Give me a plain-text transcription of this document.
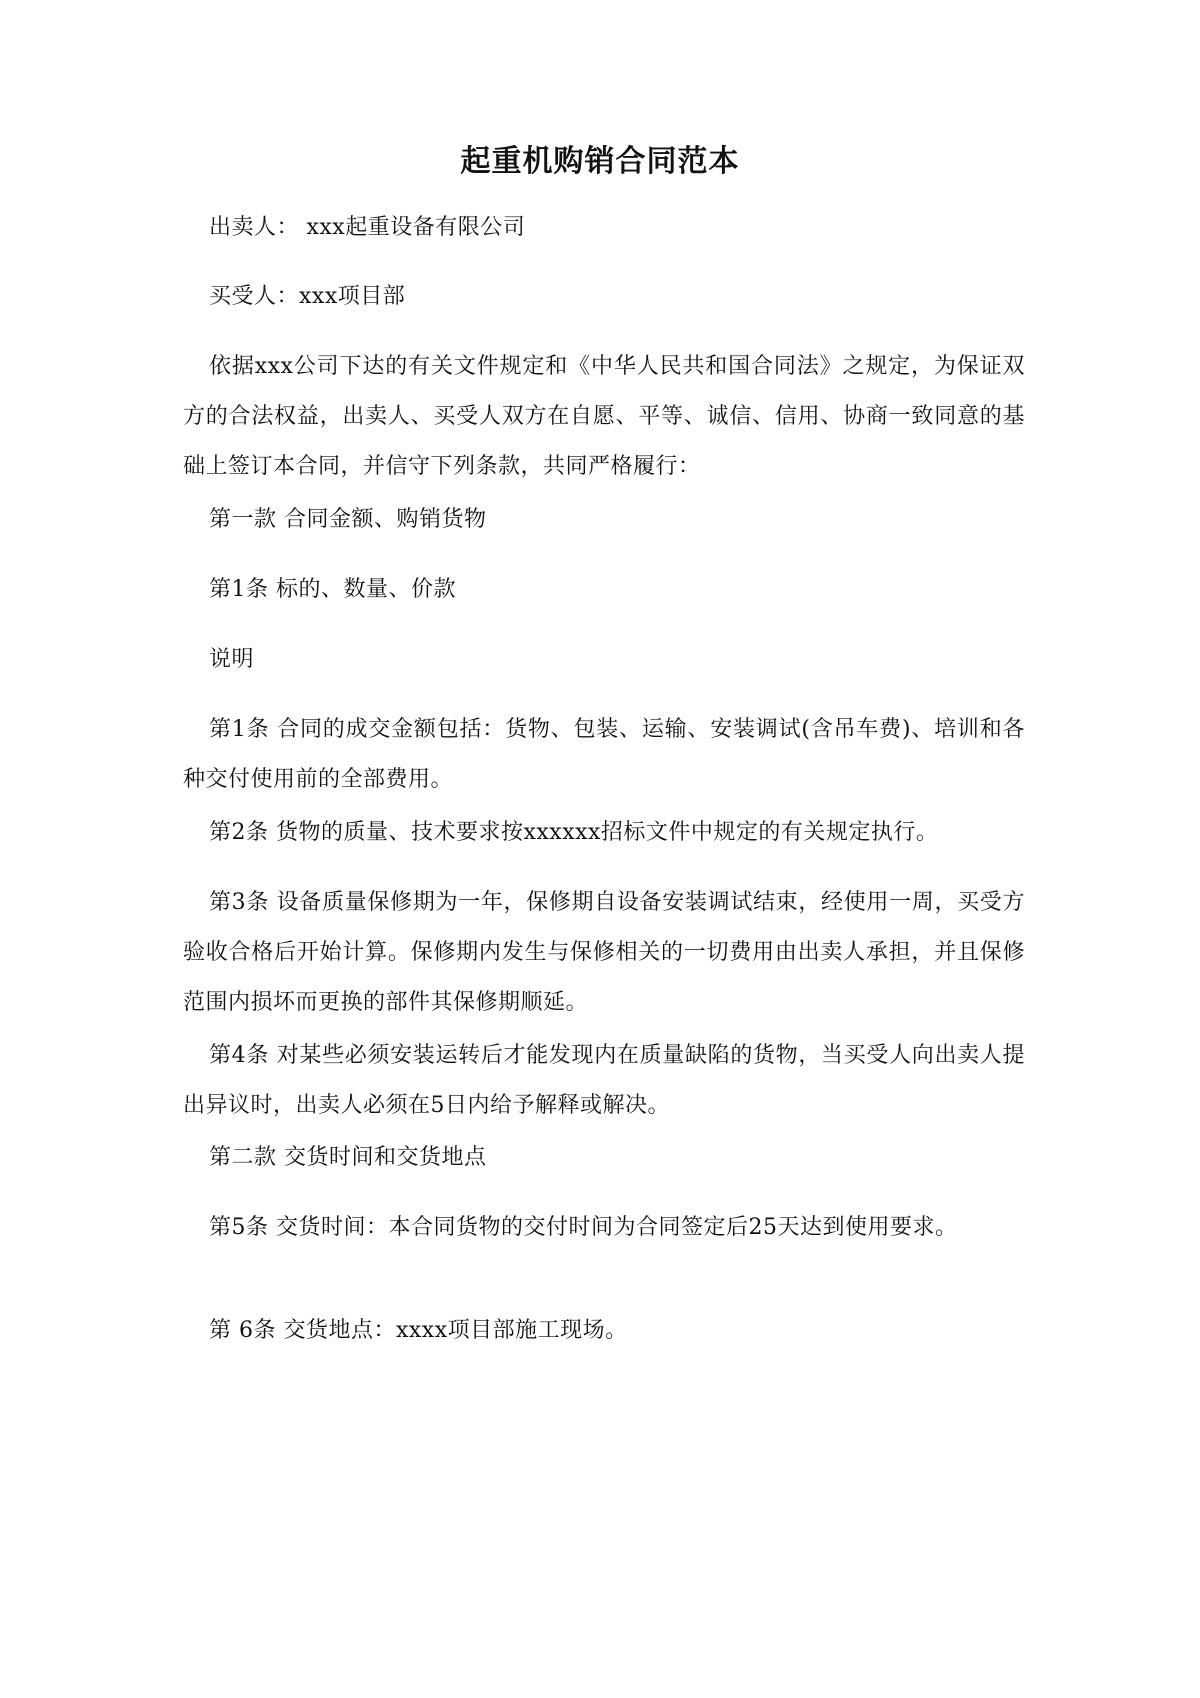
起重机购销合同范本
出卖人： xxx起重设备有限公司
买受人：xxx项目部
依据xxx公司下达的有关文件规定和《中华人民共和国合同法》之规定，为保证双方的合法权益，出卖人、买受人双方在自愿、平等、诚信、信用、协商一致同意的基础上签订本合同，并信守下列条款，共同严格履行：
第一款 合同金额、购销货物
第1条 标的、数量、价款
说明
第1条 合同的成交金额包括：货物、包装、运输、安装调试(含吊车费)、培训和各种交付使用前的全部费用。
第2条 货物的质量、技术要求按xxxxxx招标文件中规定的有关规定执行。
第3条 设备质量保修期为一年，保修期自设备安装调试结束，经使用一周，买受方验收合格后开始计算。保修期内发生与保修相关的一切费用由出卖人承担，并且保修范围内损坏而更换的部件其保修期顺延。
第4条 对某些必须安装运转后才能发现内在质量缺陷的货物，当买受人向出卖人提出异议时，出卖人必须在5日内给予解释或解决。
第二款 交货时间和交货地点
第5条 交货时间：本合同货物的交付时间为合同签定后25天达到使用要求。
第 6条 交货地点：xxxx项目部施工现场。
